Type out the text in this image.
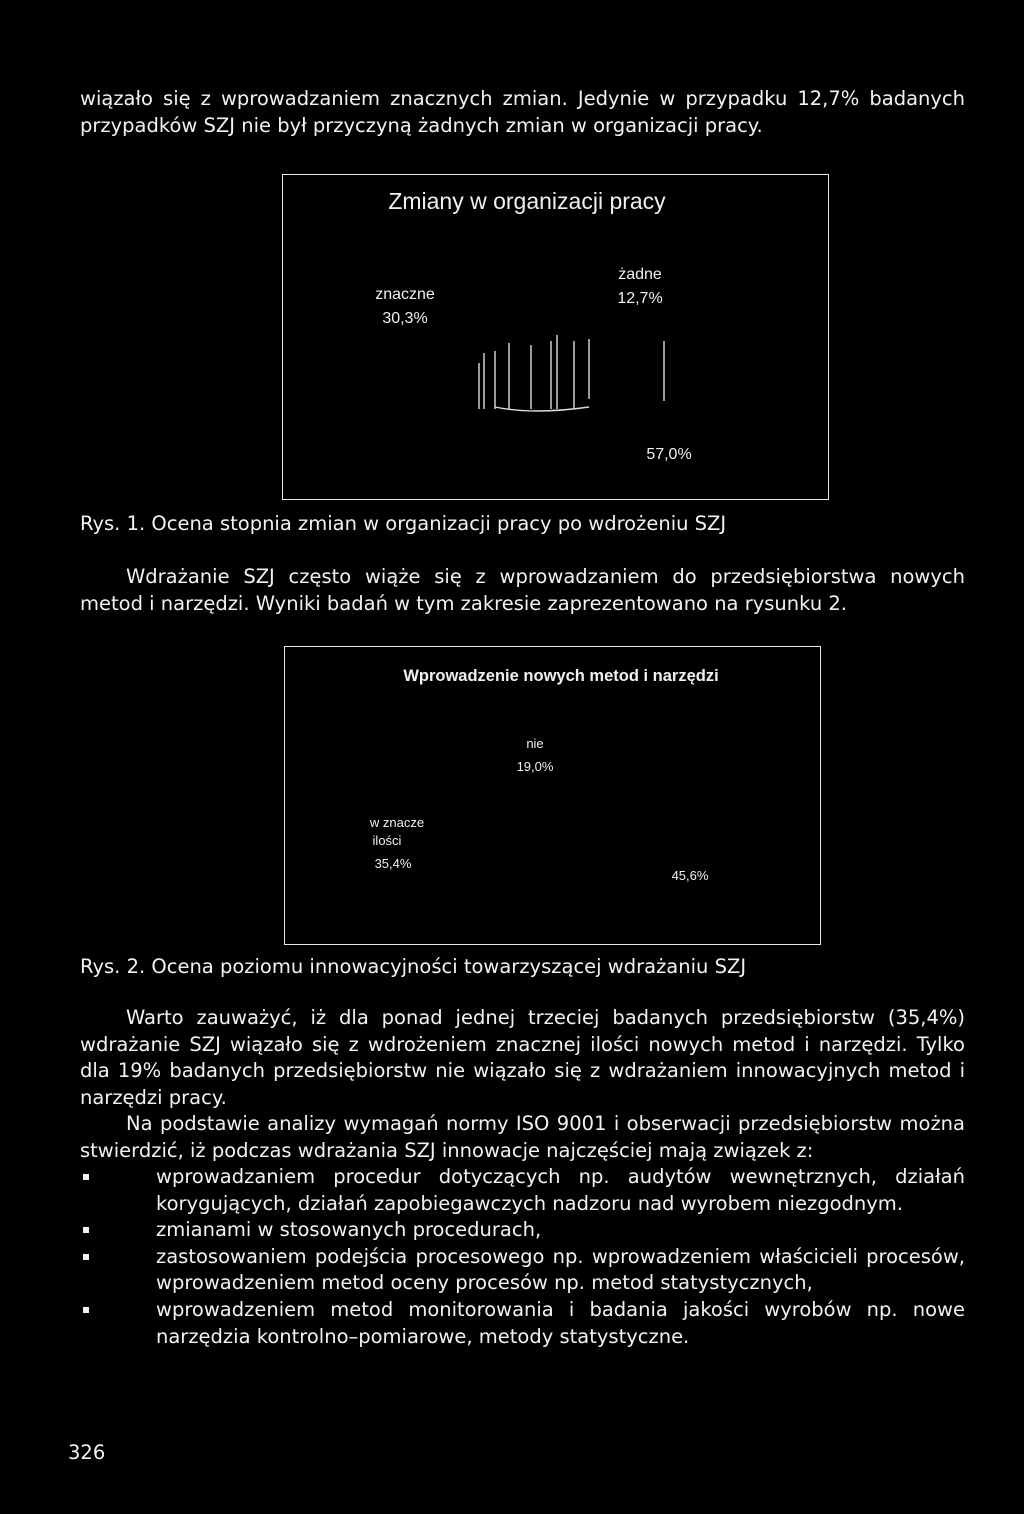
wiązało się z wprowadzaniem znacznych zmian. Jedynie w przypadku 12,7% badanych przypadków SZJ nie był przyczyną żadnych zmian w organizacji pracy.

Zmiany w organizacji pracy
znaczne
30,3%
żadne
12,7%
57,0%

Rys. 1. Ocena stopnia zmian w organizacji pracy po wdrożeniu SZJ

Wdrażanie SZJ często wiąże się z wprowadzaniem do przedsiębiorstwa nowych metod i narzędzi. Wyniki badań w tym zakresie zaprezentowano na rysunku 2.

Wprowadzenie nowych metod i narzędzi
nie
19,0%
w znacze
ilości
35,4%
45,6%

Rys. 2. Ocena poziomu innowacyjności towarzyszącej wdrażaniu SZJ

Warto zauważyć, iż dla ponad jednej trzeciej badanych przedsiębiorstw (35,4%) wdrażanie SZJ wiązało się z wdrożeniem znacznej ilości nowych metod i narzędzi. Tylko dla 19% badanych przedsiębiorstw nie wiązało się z wdrażaniem innowacyjnych metod i narzędzi pracy.

Na podstawie analizy wymagań normy ISO 9001 i obserwacji przedsiębiorstw można stwierdzić, iż podczas wdrażania SZJ innowacje najczęściej mają związek z:

wprowadzaniem procedur dotyczących np. audytów wewnętrznych, działań korygujących, działań zapobiegawczych nadzoru nad wyrobem niezgodnym.
zmianami w stosowanych procedurach,
zastosowaniem podejścia procesowego np. wprowadzeniem właścicieli procesów, wprowadzeniem metod oceny procesów np. metod statystycznych,
wprowadzeniem metod monitorowania i badania jakości wyrobów np. nowe narzędzia kontrolno–pomiarowe, metody statystyczne.
326
